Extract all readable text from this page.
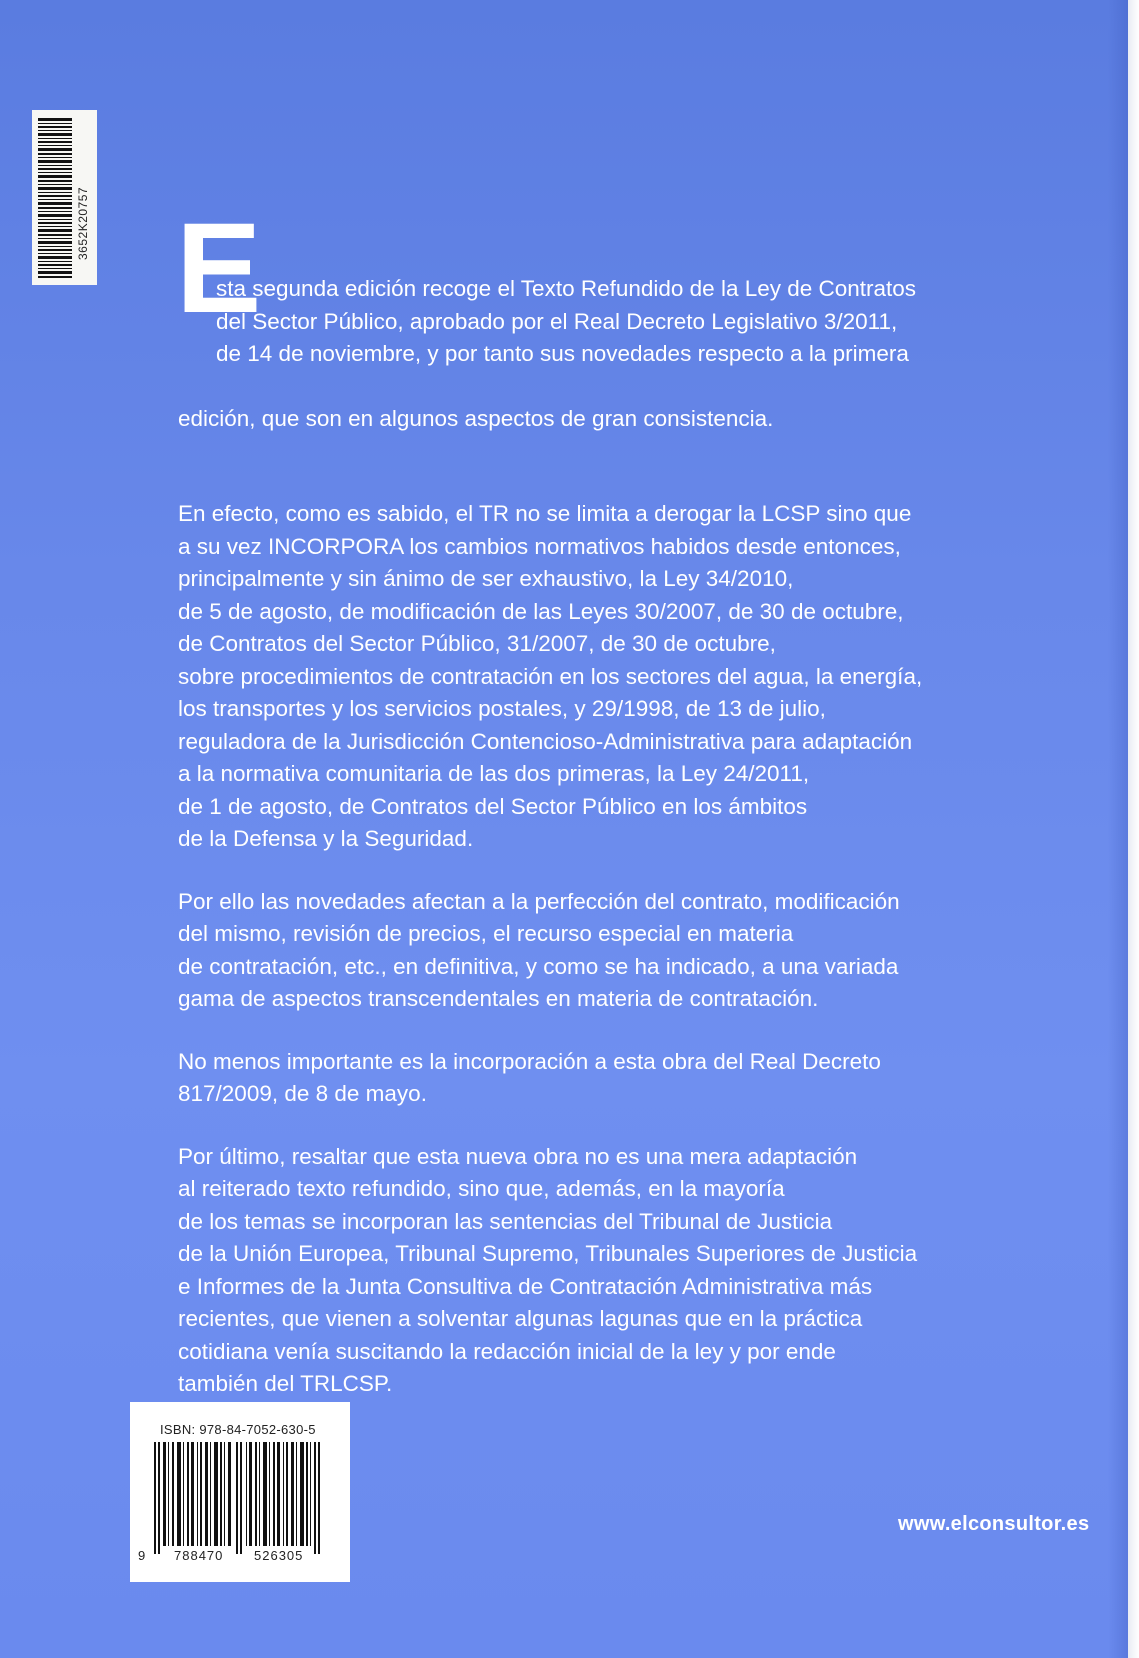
3652K20757 E

sta segunda edición recoge el Texto Refundido de la Ley de Contratos
del Sector Público, aprobado por el Real Decreto Legislativo 3/2011,
de 14 de noviembre, y por tanto sus novedades respecto a la primera

edición, que son en algunos aspectos de gran consistencia.

En efecto, como es sabido, el TR no se limita a derogar la LCSP sino que
a su vez INCORPORA los cambios normativos habidos desde entonces,
principalmente y sin ánimo de ser exhaustivo, la Ley 34/2010,
de 5 de agosto, de modificación de las Leyes 30/2007, de 30 de octubre,
de Contratos del Sector Público, 31/2007, de 30 de octubre,
sobre procedimientos de contratación en los sectores del agua, la energía,
los transportes y los servicios postales, y 29/1998, de 13 de julio,
reguladora de la Jurisdicción Contencioso-Administrativa para adaptación
a la normativa comunitaria de las dos primeras, la Ley 24/2011,
de 1 de agosto, de Contratos del Sector Público en los ámbitos
de la Defensa y la Seguridad.
Por ello las novedades afectan a la perfección del contrato, modificación
del mismo, revisión de precios, el recurso especial en materia
de contratación, etc., en definitiva, y como se ha indicado, a una variada
gama de aspectos transcendentales en materia de contratación.
No menos importante es la incorporación a esta obra del Real Decreto
817/2009, de 8 de mayo.
Por último, resaltar que esta nueva obra no es una mera adaptación
al reiterado texto refundido, sino que, además, en la mayoría
de los temas se incorporan las sentencias del Tribunal de Justicia
de la Unión Europea, Tribunal Supremo, Tribunales Superiores de Justicia
e Informes de la Junta Consultiva de Contratación Administrativa más
recientes, que vienen a solventar algunas lagunas que en la práctica
cotidiana venía suscitando la redacción inicial de la ley y por ende
también del TRLCSP.
ISBN: 978-84-7052-630-5
9 788470 526305
www.elconsultor.es
